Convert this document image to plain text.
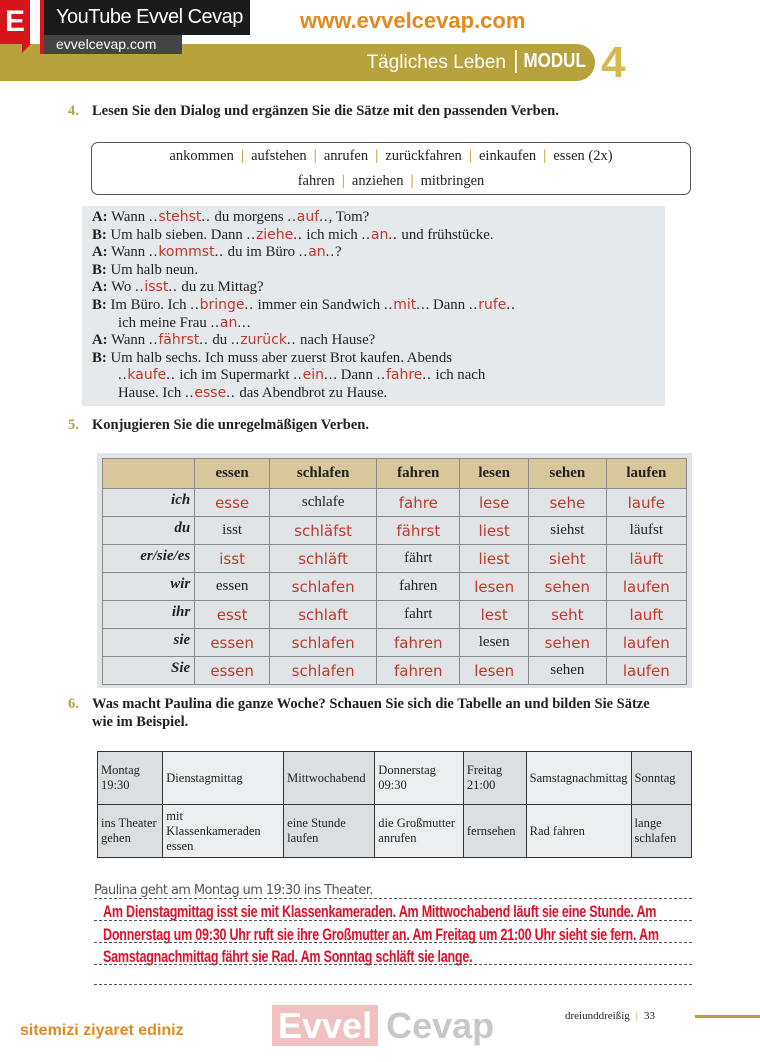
E	YouTube Evvel Cevap
evvelcevap.com
www.evvelcevap.com
Tägliches Leben MODUL 4
4. Lesen Sie den Dialog und ergänzen Sie die Sätze mit den passenden Verben.
ankommen | aufstehen | anrufen | zurückfahren | einkaufen | essen (2x)
fahren | anziehen | mitbringen
A: Wann ..stehst.. du morgens ..auf.., Tom?
B: Um halb sieben. Dann ..ziehe.. ich mich ..an.. und frühstücke.
A: Wann ..kommst.. du im Büro ..an..?
B: Um halb neun.
A: Wo ..isst.. du zu Mittag?
B: Im Büro. Ich ..bringe.. immer ein Sandwich ..mit... Dann ..rufe..
ich meine Frau ..an...
A: Wann ..fährst.. du ..zurück.. nach Hause?
B: Um halb sechs. Ich muss aber zuerst Brot kaufen. Abends
..kaufe.. ich im Supermarkt ..ein... Dann ..fahre.. ich nach
Hause. Ich ..esse.. das Abendbrot zu Hause.
5. Konjugieren Sie die unregelmäßigen Verben.
	essen	schlafen	fahren	lesen	sehen	laufen
ich	esse	schlafe	fahre	lese	sehe	laufe
du	isst	schläfst	fährst	liest	siehst	läufst
er/sie/es	isst	schläft	fährt	liest	sieht	läuft
wir	essen	schlafen	fahren	lesen	sehen	laufen
ihr	esst	schlaft	fahrt	lest	seht	lauft
sie	essen	schlafen	fahren	lesen	sehen	laufen
Sie	essen	schlafen	fahren	lesen	sehen	laufen
6. Was macht Paulina die ganze Woche? Schauen Sie sich die Tabelle an und bilden Sie Sätze
wie im Beispiel.
Montag 19:30	Dienstagmittag	Mittwochabend	Donnerstag 09:30	Freitag 21:00	Samstagnachmittag	Sonntag
ins Theater gehen	mit Klassenkameraden essen	eine Stunde laufen	die Großmutter anrufen	fernsehen	Rad fahren	lange schlafen
Paulina geht am Montag um 19:30 ins Theater.
Am Dienstagmittag isst sie mit Klassenkameraden. Am Mittwochabend läuft sie eine Stunde. Am
Donnerstag um 09:30 Uhr ruft sie ihre Großmutter an. Am Freitag um 21:00 Uhr sieht sie fern. Am
Samstagnachmittag fährt sie Rad. Am Sonntag schläft sie lange.
sitemizi ziyaret ediniz	Evvel Cevap	dreiunddreißig | 33
